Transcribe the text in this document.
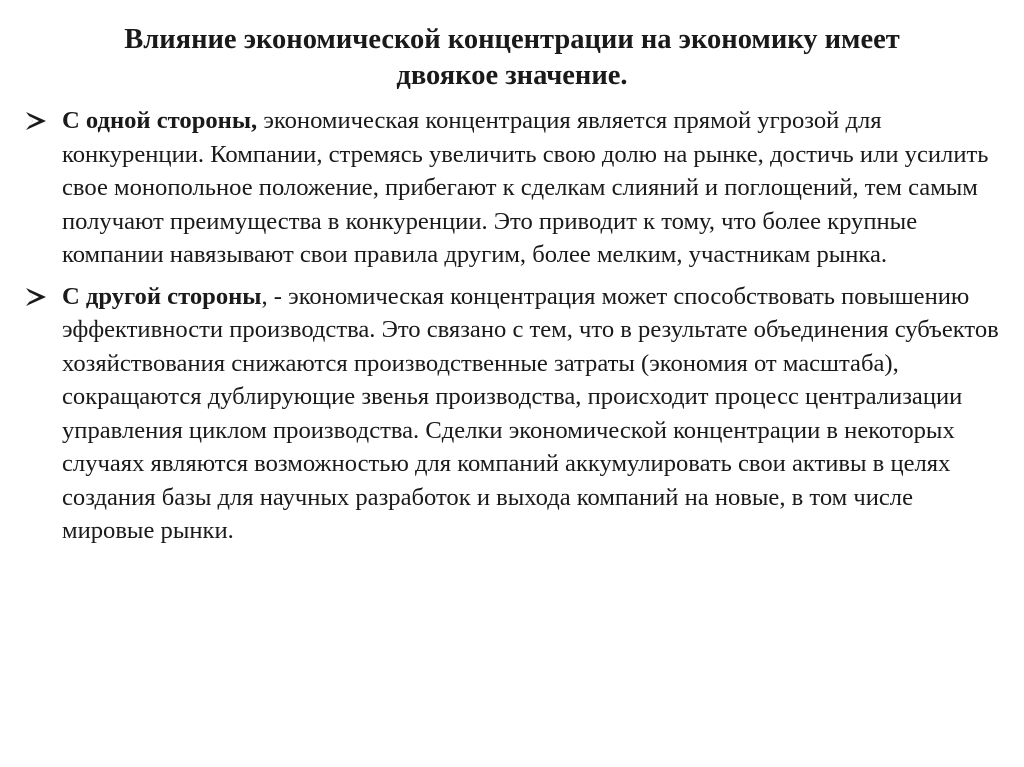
Влияние экономической концентрации на экономику имеет
двоякое значение.
С одной стороны, экономическая концентрация является прямой угрозой для конкуренции. Компании, стремясь увеличить свою долю на рынке, достичь или усилить свое монопольное положение, прибегают к сделкам слияний и поглощений, тем самым получают преимущества в конкуренции. Это приводит к тому, что более крупные компании навязывают свои правила другим, более мелким, участникам рынка.
С другой стороны, - экономическая концентрация может способствовать повышению эффективности производства. Это связано с тем, что в результате объединения субъектов хозяйствования снижаются производственные затраты (экономия от масштаба), сокращаются дублирующие звенья производства, происходит процесс централизации управления циклом производства. Сделки экономической концентрации в некоторых случаях являются возможностью для компаний аккумулировать свои активы в целях создания базы для научных разработок и выхода компаний на новые, в том числе мировые рынки.
